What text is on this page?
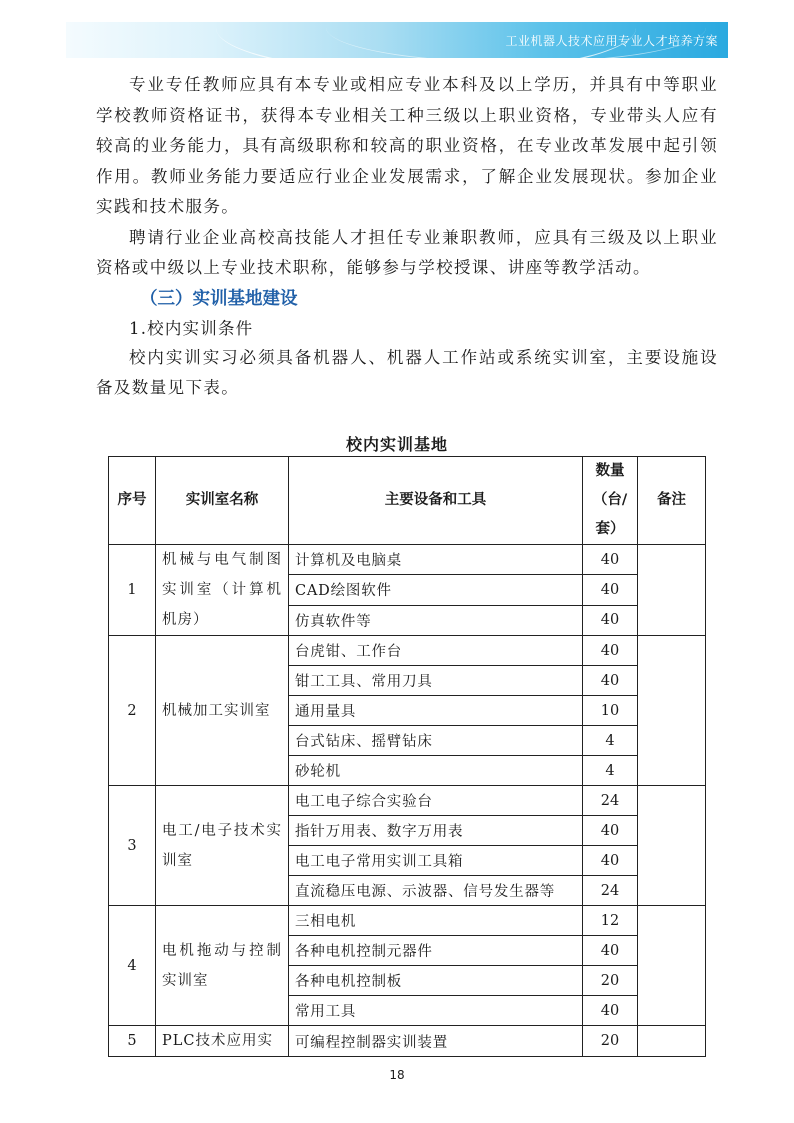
工业机器人技术应用专业人才培养方案

专业专任教师应具有本专业或相应专业本科及以上学历，并具有中等职业学校教师资格证书，获得本专业相关工种三级以上职业资格，专业带头人应有较高的业务能力，具有高级职称和较高的职业资格，在专业改革发展中起引领作用。教师业务能力要适应行业企业发展需求，了解企业发展现状。参加企业实践和技术服务。

聘请行业企业高校高技能人才担任专业兼职教师，应具有三级及以上职业资格或中级以上专业技术职称，能够参与学校授课、讲座等教学活动。

（三）实训基地建设

1.校内实训条件

校内实训实习必须具备机器人、机器人工作站或系统实训室，主要设施设备及数量见下表。

校内实训基地
序号	实训室名称	主要设备和工具	数量（台/套）	备注
1	机械与电气制图实训室（计算机机房）	计算机及电脑桌	40	
		CAD绘图软件	40	
		仿真软件等	40	
2	机械加工实训室	台虎钳、工作台	40	
		钳工工具、常用刀具	40	
		通用量具	10	
		台式钻床、摇臂钻床	4	
		砂轮机	4	
3	电工/电子技术实训室	电工电子综合实验台	24	
		指针万用表、数字万用表	40	
		电工电子常用实训工具箱	40	
		直流稳压电源、示波器、信号发生器等	24	
4	电机拖动与控制实训室	三相电机	12	
		各种电机控制元器件	40	
		各种电机控制板	20	
		常用工具	40	
5	PLC技术应用实	可编程控制器实训装置	20	
18
